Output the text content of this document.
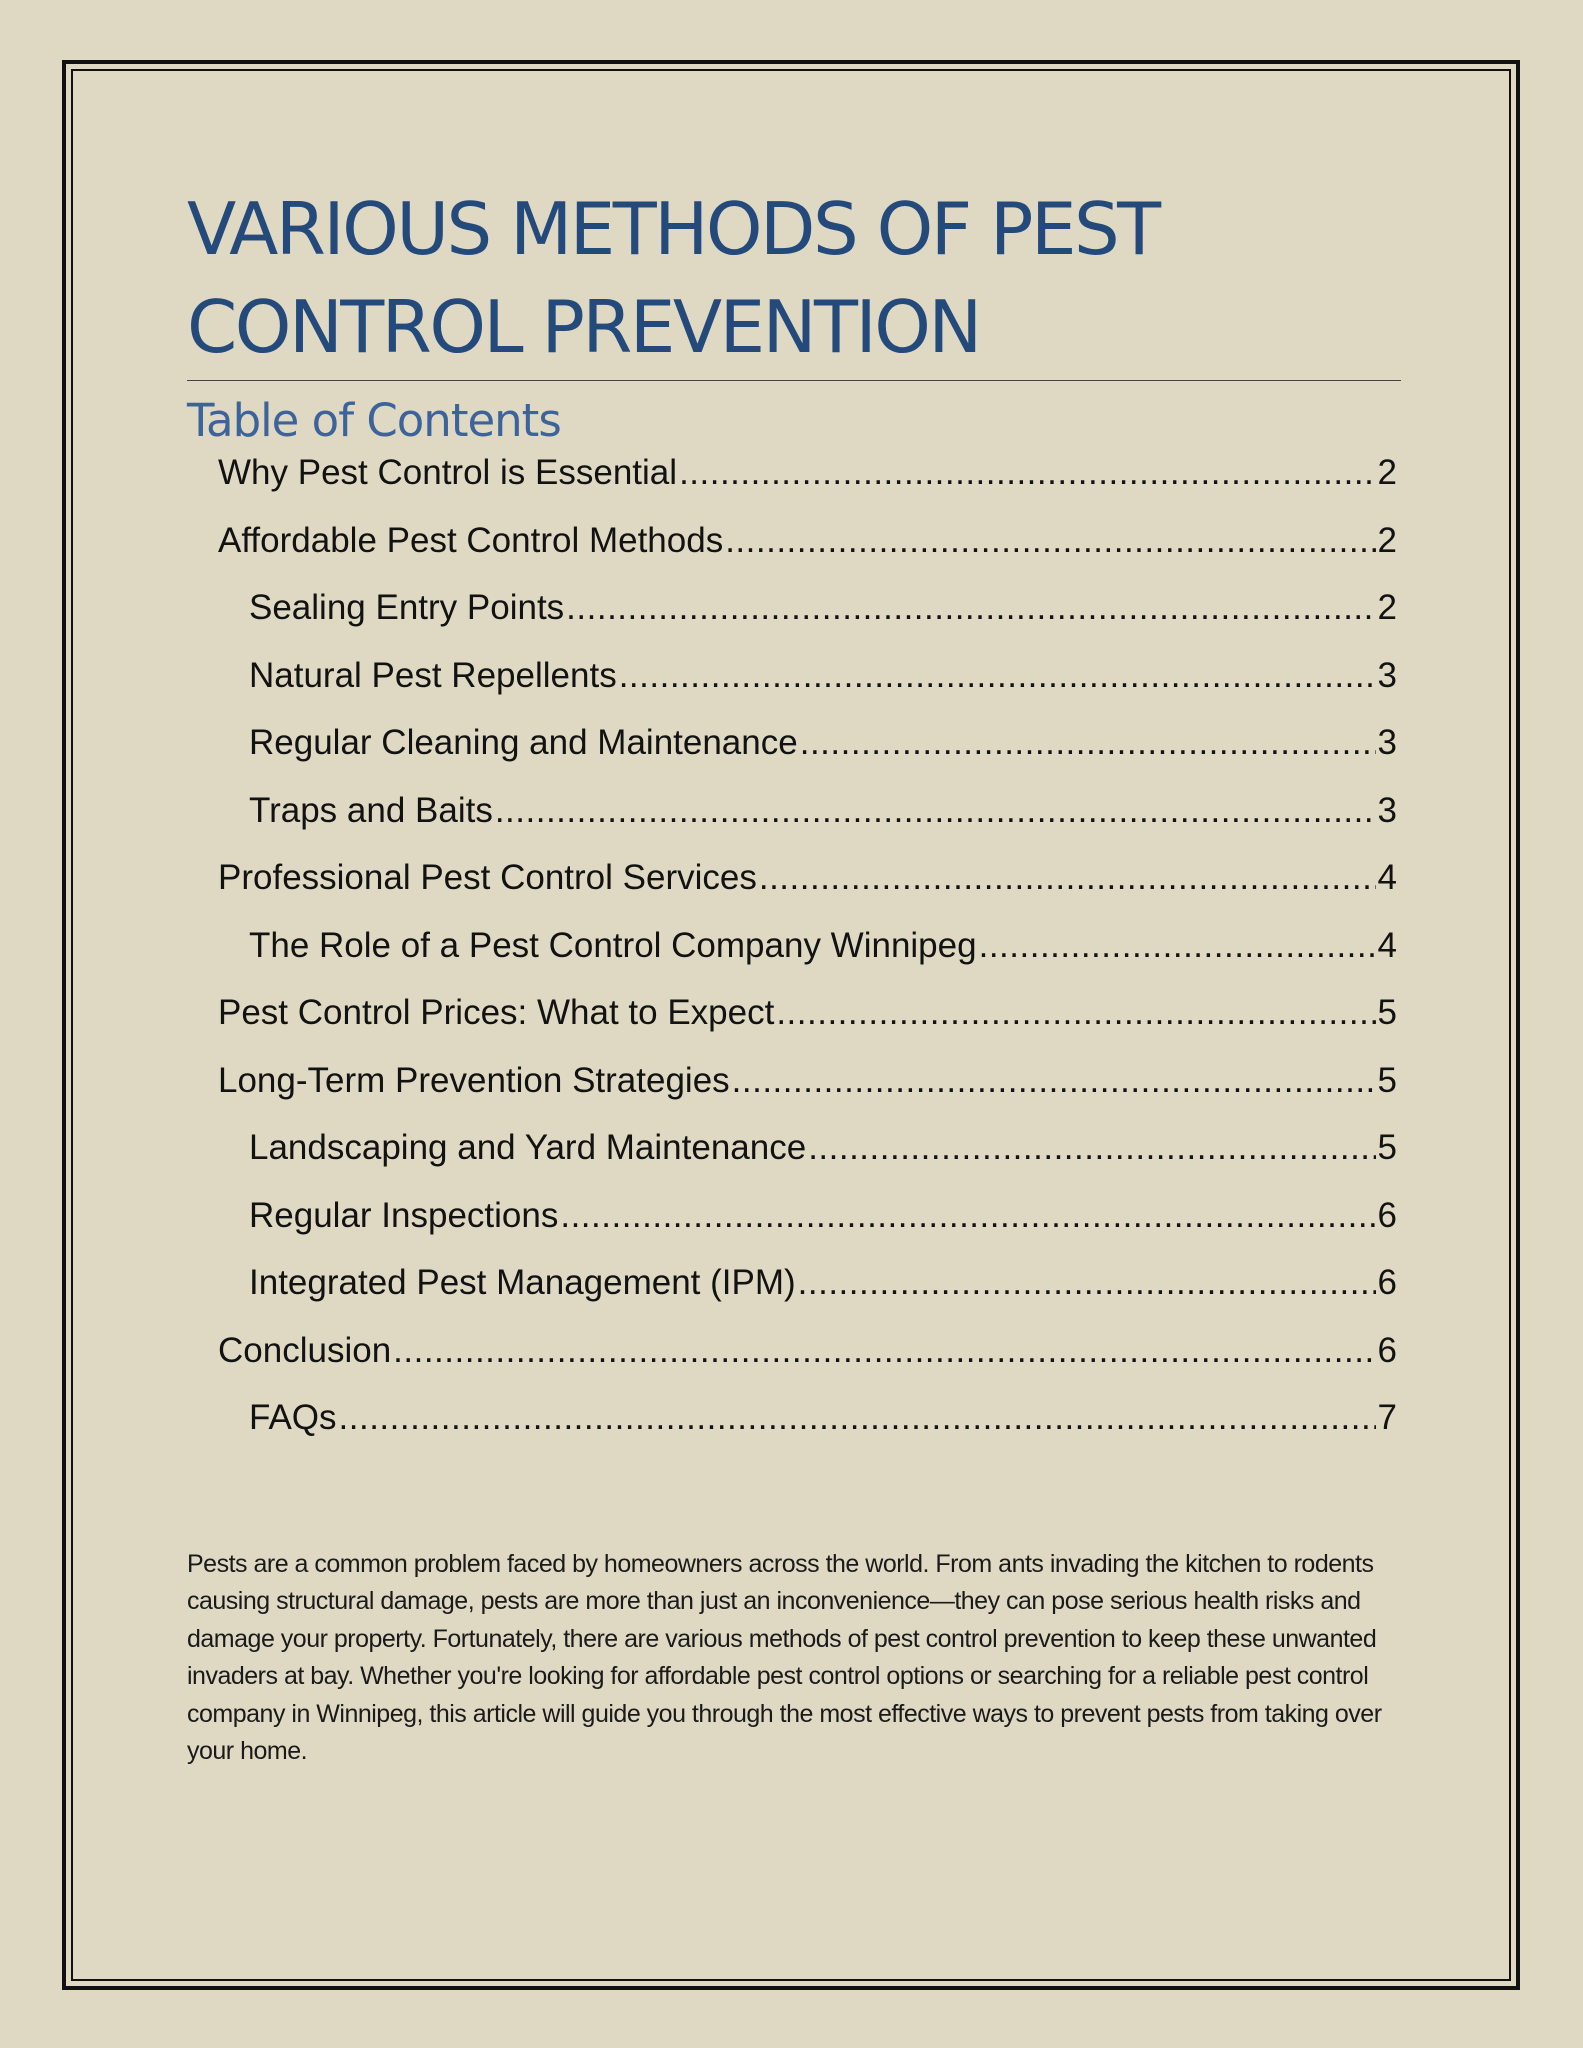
VARIOUS METHODS OF PEST
CONTROL PREVENTION
Table of Contents
Why Pest Control is Essential .....	2
Affordable Pest Control Methods .....	2
Sealing Entry Points .....	2
Natural Pest Repellents .....	3
Regular Cleaning and Maintenance .....	3
Traps and Baits .....	3
Professional Pest Control Services .....	4
The Role of a Pest Control Company Winnipeg .....	4
Pest Control Prices: What to Expect .....	5
Long-Term Prevention Strategies .....	5
Landscaping and Yard Maintenance .....	5
Regular Inspections .....	6
Integrated Pest Management (IPM) .....	6
Conclusion .....	6
FAQs .....	7

Pests are a common problem faced by homeowners across the world. From ants invading the kitchen to rodents causing structural damage, pests are more than just an inconvenience—they can pose serious health risks and damage your property. Fortunately, there are various methods of pest control prevention to keep these unwanted invaders at bay. Whether you're looking for affordable pest control options or searching for a reliable pest control company in Winnipeg, this article will guide you through the most effective ways to prevent pests from taking over your home.
